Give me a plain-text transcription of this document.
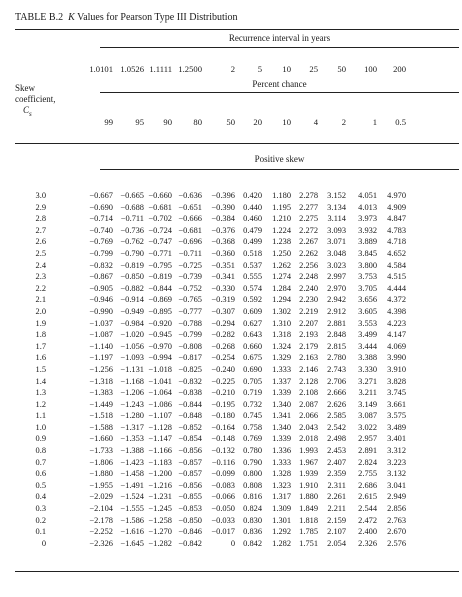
TABLE B.2 K Values for Pearson Type III Distribution
Recurrence interval in years
1.0101 1.0526 1.1111 1.2500	2	5	10	25	50	100	200
Percent chance
99	95	90	80	50	20	10	4	2	1	0.5
Skew
coefficient,
$C_s$
Positive skew
3.0	−0.667 −0.665 −0.660 −0.636	−0.396 0.420	1.180 2.278	3.152	4.051	4.970
2.9	−0.690 −0.688 −0.681 −0.651	−0.390 0.440	1.195 2.277	3.134	4.013	4.909
2.8	−0.714 −0.711 −0.702 −0.666	−0.384 0.460	1.210 2.275	3.114	3.973	4.847
2.7	−0.740 −0.736 −0.724 −0.681	−0.376 0.479	1.224 2.272	3.093	3.932	4.783
2.6	−0.769 −0.762 −0.747 −0.696	−0.368 0.499	1.238 2.267	3.071	3.889	4.718
2.5	−0.799 −0.790 −0.771 −0.711	−0.360 0.518	1.250 2.262	3.048	3.845	4.652
2.4	−0.832 −0.819 −0.795 −0.725	−0.351 0.537	1.262 2.256	3.023	3.800	4.584
2.3	−0.867 −0.850 −0.819 −0.739	−0.341 0.555	1.274 2.248	2.997	3.753	4.515
2.2	−0.905 −0.882 −0.844 −0.752	−0.330 0.574	1.284 2.240	2.970	3.705	4.444
2.1	−0.946 −0.914 −0.869 −0.765	−0.319 0.592	1.294 2.230	2.942	3.656	4.372
2.0	−0.990 −0.949 −0.895 −0.777	−0.307 0.609	1.302 2.219	2.912	3.605	4.398
1.9	−1.037 −0.984 −0.920 −0.788	−0.294 0.627	1.310 2.207	2.881	3.553	4.223
1.8	−1.087 −1.020 −0.945 −0.799	−0.282 0.643	1.318 2.193	2.848	3.499	4.147
1.7	−1.140 −1.056 −0.970 −0.808	−0.268 0.660	1.324 2.179	2.815	3.444	4.069
1.6	−1.197 −1.093 −0.994 −0.817	−0.254 0.675	1.329 2.163	2.780	3.388	3.990
1.5	−1.256 −1.131 −1.018 −0.825	−0.240 0.690	1.333 2.146	2.743	3.330	3.910
1.4	−1.318 −1.168 −1.041 −0.832	−0.225 0.705	1.337 2.128	2.706	3.271	3.828
1.3	−1.383 −1.206 −1.064 −0.838	−0.210 0.719	1.339 2.108	2.666	3.211	3.745
1.2	−1.449 −1.243 −1.086 −0.844	−0.195 0.732	1.340 2.087	2.626	3.149	3.661
1.1	−1.518 −1.280 −1.107 −0.848	−0.180 0.745	1.341 2.066	2.585	3.087	3.575
1.0	−1.588 −1.317 −1.128 −0.852	−0.164 0.758	1.340 2.043	2.542	3.022	3.489
0.9	−1.660 −1.353 −1.147 −0.854	−0.148 0.769	1.339 2.018	2.498	2.957	3.401
0.8	−1.733 −1.388 −1.166 −0.856	−0.132 0.780	1.336 1.993	2.453	2.891	3.312
0.7	−1.806 −1.423 −1.183 −0.857	−0.116 0.790	1.333 1.967	2.407	2.824	3.223
0.6	−1.880 −1.458 −1.200 −0.857	−0.099 0.800	1.328 1.939	2.359	2.755	3.132
0.5	−1.955 −1.491 −1.216 −0.856	−0.083 0.808	1.323 1.910	2.311	2.686	3.041
0.4	−2.029 −1.524 −1.231 −0.855	−0.066 0.816	1.317 1.880	2.261	2.615	2.949
0.3	−2.104 −1.555 −1.245 −0.853	−0.050 0.824	1.309 1.849	2.211	2.544	2.856
0.2	−2.178 −1.586 −1.258 −0.850	−0.033 0.830	1.301 1.818	2.159	2.472	2.763
0.1	−2.252 −1.616 −1.270 −0.846	−0.017 0.836	1.292 1.785	2.107	2.400	2.670
0	−2.326 −1.645 −1.282 −0.842	0 0.842	1.282 1.751	2.054	2.326	2.576
